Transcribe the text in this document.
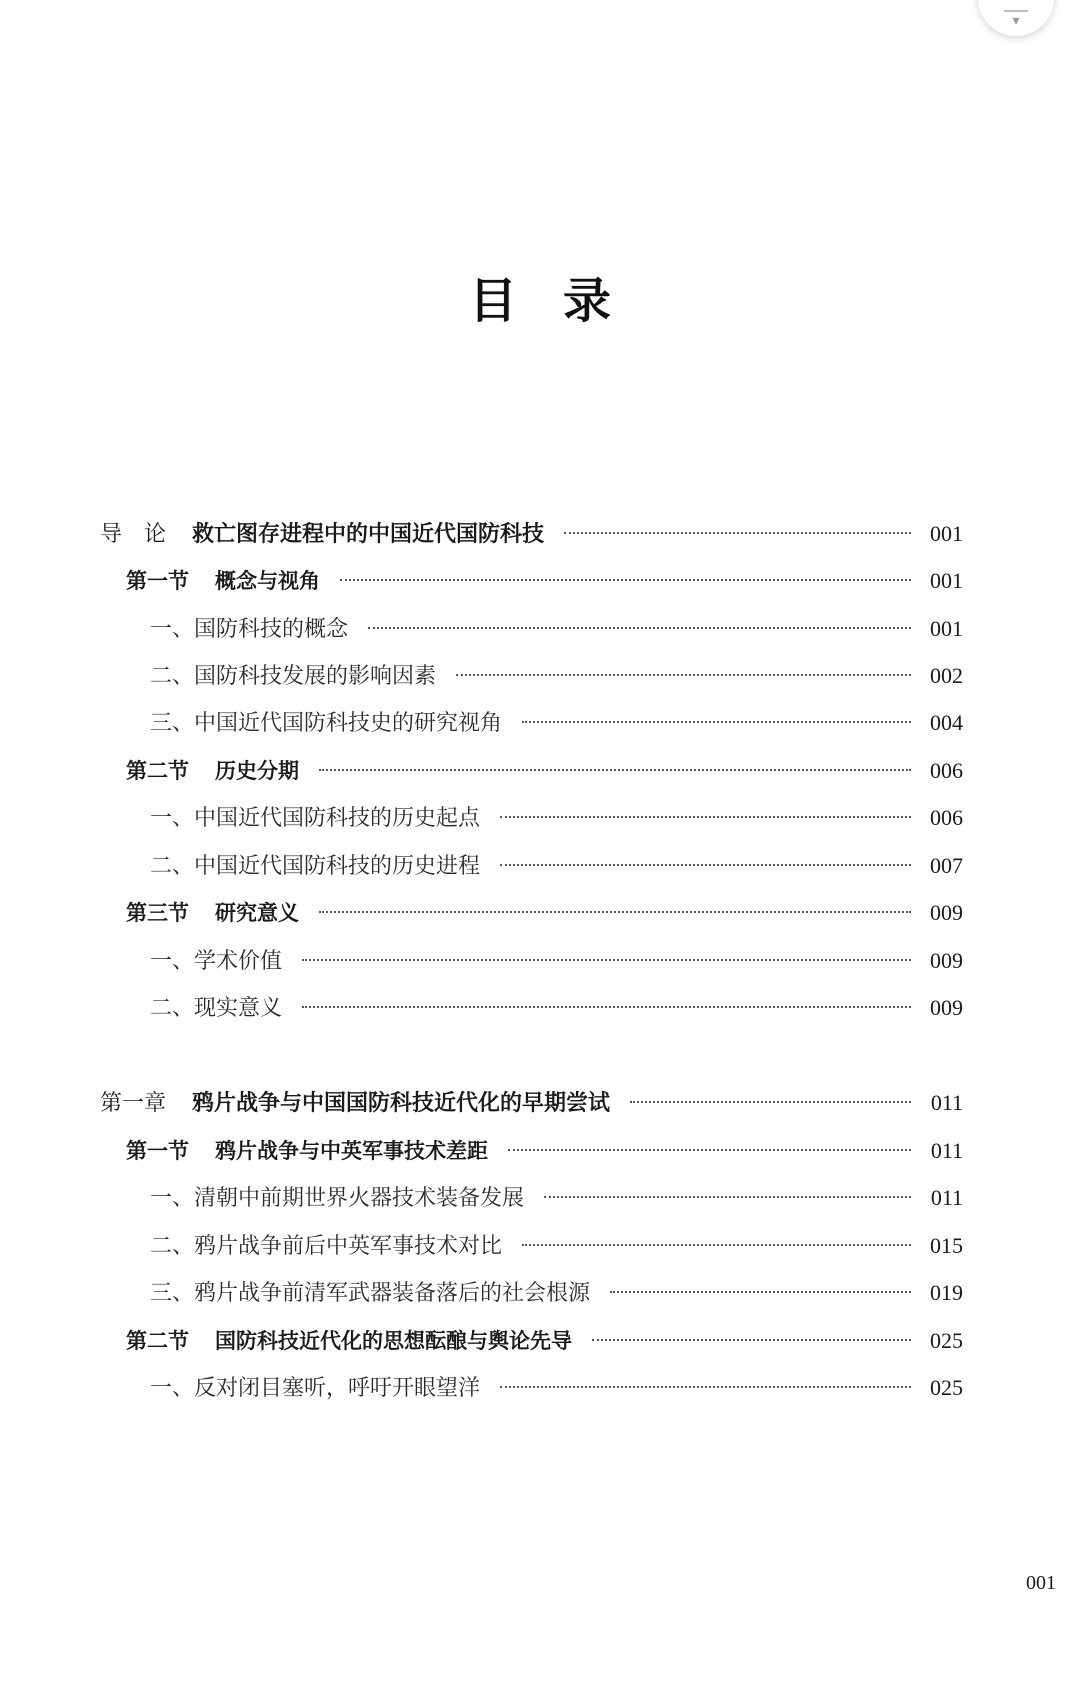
▾
目录
导　论 救亡图存进程中的中国近代国防科技	001
第一节 概念与视角	001
一、国防科技的概念	001
二、国防科技发展的影响因素	002
三、中国近代国防科技史的研究视角	004
第二节 历史分期	006
一、中国近代国防科技的历史起点	006
二、中国近代国防科技的历史进程	007
第三节 研究意义	009
一、学术价值	009
二、现实意义	009
第一章 鸦片战争与中国国防科技近代化的早期尝试	011
第一节 鸦片战争与中英军事技术差距	011
一、清朝中前期世界火器技术装备发展	011
二、鸦片战争前后中英军事技术对比	015
三、鸦片战争前清军武器装备落后的社会根源	019
第二节 国防科技近代化的思想酝酿与舆论先导	025
一、反对闭目塞听，呼吁开眼望洋	025
001
